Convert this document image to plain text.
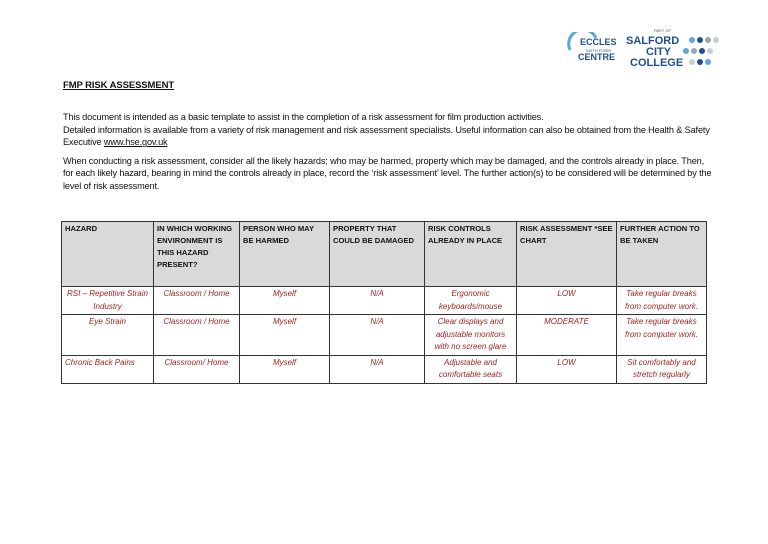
ECCLES
SIXTH FORM
CENTRE
PART OF
SALFORD
CITY
COLLEGE
FMP RISK ASSESSMENT

This document is intended as a basic template to assist in the completion of a risk assessment for film production activities.
Detailed information is available from a variety of risk management and risk assessment specialists. Useful information can also be obtained from the Health & Safety Executive www.hse.gov.uk

When conducting a risk assessment, consider all the likely hazards; who may be harmed, property which may be damaged, and the controls already in place. Then, for each likely hazard, bearing in mind the controls already in place, record the ‘risk assessment’ level. The further action(s) to be considered will be determined by the level of risk assessment.

HAZARD	IN WHICH WORKING ENVIRONMENT IS THIS HAZARD PRESENT?	PERSON WHO MAY BE HARMED	PROPERTY THAT COULD BE DAMAGED	RISK CONTROLS ALREADY IN PLACE	RISK ASSESSMENT *SEE CHART	FURTHER ACTION TO BE TAKEN
RSI – Repetitive Strain Industry	Classroom / Home	Myself	N/A	Ergonomic keyboards/mouse	LOW	Take regular breaks from computer work.
Eye Strain	Classroom / Home	Myself	N/A	Clear displays and adjustable monitors with no screen glare	MODERATE	Take regular breaks from computer work.
Chronic Back Pains	Classroom/ Home	Myself	N/A	Adjustable and comfortable seats	LOW	Sit comfortably and stretch regularly
